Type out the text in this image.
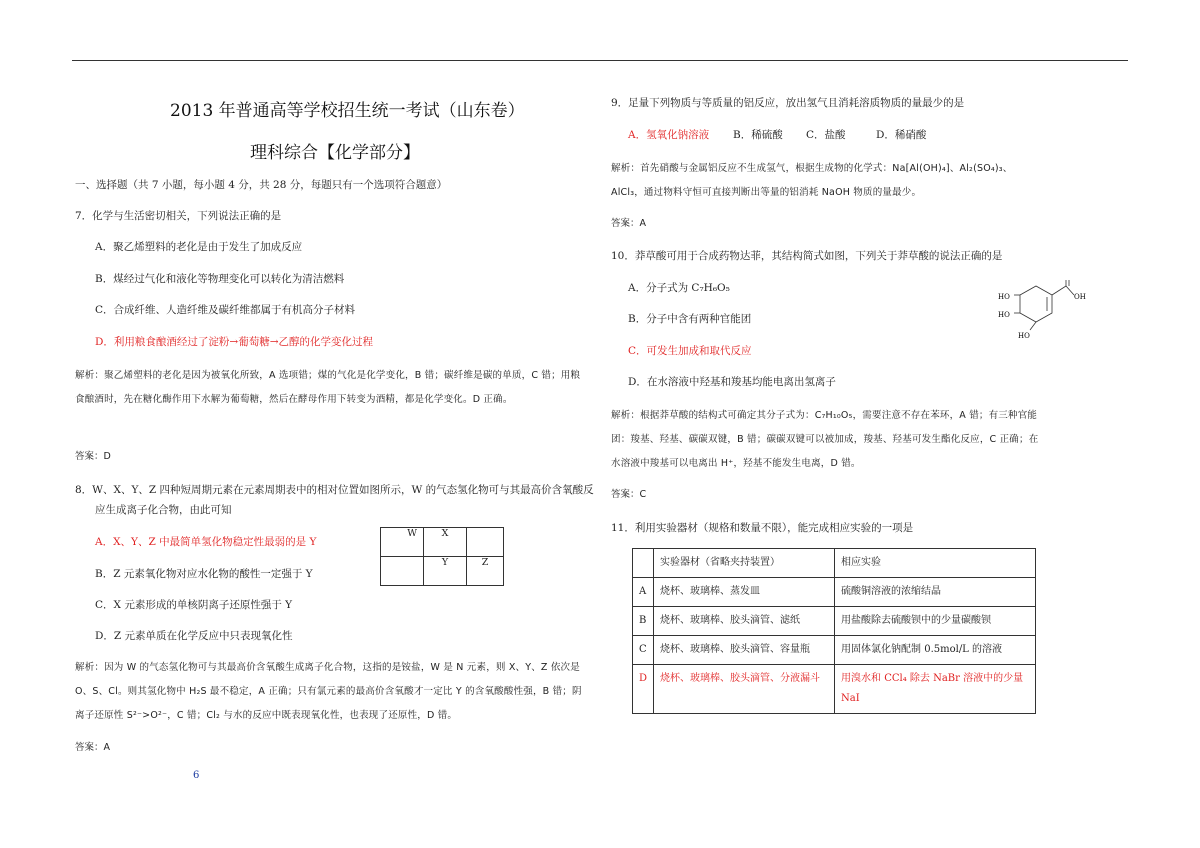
2013 年普通高等学校招生统一考试（山东卷）
理科综合【化学部分】
一、选择题（共 7 小题，每小题 4 分，共 28 分，每题只有一个选项符合题意）
7．化学与生活密切相关，下列说法正确的是
A．聚乙烯塑料的老化是由于发生了加成反应
B．煤经过气化和液化等物理变化可以转化为清洁燃料
C．合成纤维、人造纤维及碳纤维都属于有机高分子材料
D．利用粮食酿酒经过了淀粉→葡萄糖→乙醇的化学变化过程
解析：聚乙烯塑料的老化是因为被氧化所致，A 选项错；煤的气化是化学变化，B 错；碳纤维是碳的单质，C 错；用粮食酿酒时，先在糖化酶作用下水解为葡萄糖，然后在酵母作用下转变为酒精，都是化学变化。D 正确。
答案：D
8．W、X、Y、Z 四种短周期元素在元素周期表中的相对位置如图所示，W 的气态氢化物可与其最高价含氧酸反
应生成离子化合物，由此可知
A．X、Y、Z 中最简单氢化物稳定性最弱的是 Y
B．Z 元素氧化物对应水化物的酸性一定强于 Y
C．X 元素形成的单核阴离子还原性强于 Y
D．Z 元素单质在化学反应中只表现氧化性
W	X	
	Y	Z
解析：因为 W 的气态氢化物可与其最高价含氧酸生成离子化合物，这指的是铵盐，W 是 N 元素，则 X、Y、Z 依次是 O、S、Cl。则其氢化物中 H₂S 最不稳定，A 正确；只有氯元素的最高价含氧酸才一定比 Y 的含氧酸酸性强，B 错；阴离子还原性 S²⁻>O²⁻，C 错；Cl₂ 与水的反应中既表现氧化性，也表现了还原性，D 错。
答案：A
6
9．足量下列物质与等质量的铝反应，放出氢气且消耗溶质物质的量最少的是
A．氢氧化钠溶液 B．稀硫酸 C．盐酸	D．稀硝酸
解析：首先硝酸与金属铝反应不生成氢气，根据生成物的化学式：Na[Al(OH)₄]、Al₂(SO₄)₃、AlCl₃，通过物料守恒可直接判断出等量的铝消耗 NaOH 物质的量最少。
答案：A
10．莽草酸可用于合成药物达菲，其结构简式如图，下列关于莽草酸的说法正确的是
A．分子式为 C₇H₆O₅
B．分子中含有两种官能团
C．可发生加成和取代反应
D．在水溶液中羟基和羧基均能电离出氢离子
HO
HO
HO
OH
解析：根据莽草酸的结构式可确定其分子式为：C₇H₁₀O₅，需要注意不存在苯环，A 错；有三种官能团：羧基、羟基、碳碳双键，B 错；碳碳双键可以被加成，羧基、羟基可发生酯化反应，C 正确；在水溶液中羧基可以电离出 H⁺，羟基不能发生电离，D 错。
答案：C
11．利用实验器材（规格和数量不限），能完成相应实验的一项是
	实验器材（省略夹持装置）	相应实验
A	烧杯、玻璃棒、蒸发皿	硫酸铜溶液的浓缩结晶
B	烧杯、玻璃棒、胶头滴管、滤纸	用盐酸除去硫酸钡中的少量碳酸钡
C	烧杯、玻璃棒、胶头滴管、容量瓶	用固体氯化钠配制 0.5mol/L 的溶液
D	烧杯、玻璃棒、胶头滴管、分液漏斗	用溴水和 CCl₄ 除去 NaBr 溶液中的少量 NaI
